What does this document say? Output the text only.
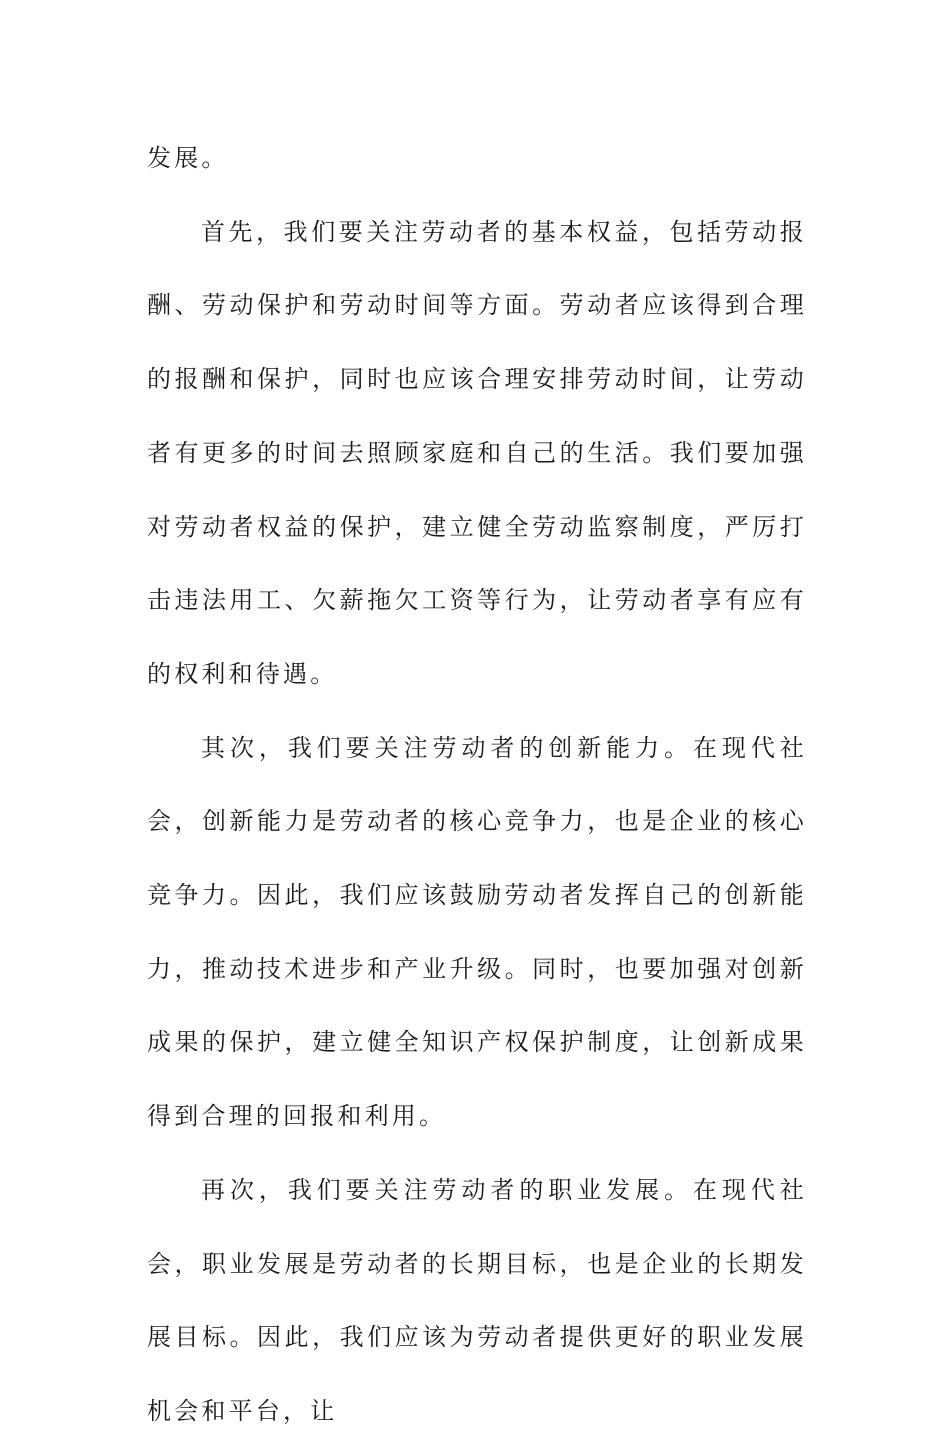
发展。

首先，我们要关注劳动者的基本权益，包括劳动报酬、劳动保护和劳动时间等方面。劳动者应该得到合理的报酬和保护，同时也应该合理安排劳动时间，让劳动者有更多的时间去照顾家庭和自己的生活。我们要加强对劳动者权益的保护，建立健全劳动监察制度，严厉打击违法用工、欠薪拖欠工资等行为，让劳动者享有应有的权利和待遇。

其次，我们要关注劳动者的创新能力。在现代社会，创新能力是劳动者的核心竞争力，也是企业的核心竞争力。因此，我们应该鼓励劳动者发挥自己的创新能力，推动技术进步和产业升级。同时，也要加强对创新成果的保护，建立健全知识产权保护制度，让创新成果得到合理的回报和利用。

再次，我们要关注劳动者的职业发展。在现代社会，职业发展是劳动者的长期目标，也是企业的长期发展目标。因此，我们应该为劳动者提供更好的职业发展机会和平台，让
